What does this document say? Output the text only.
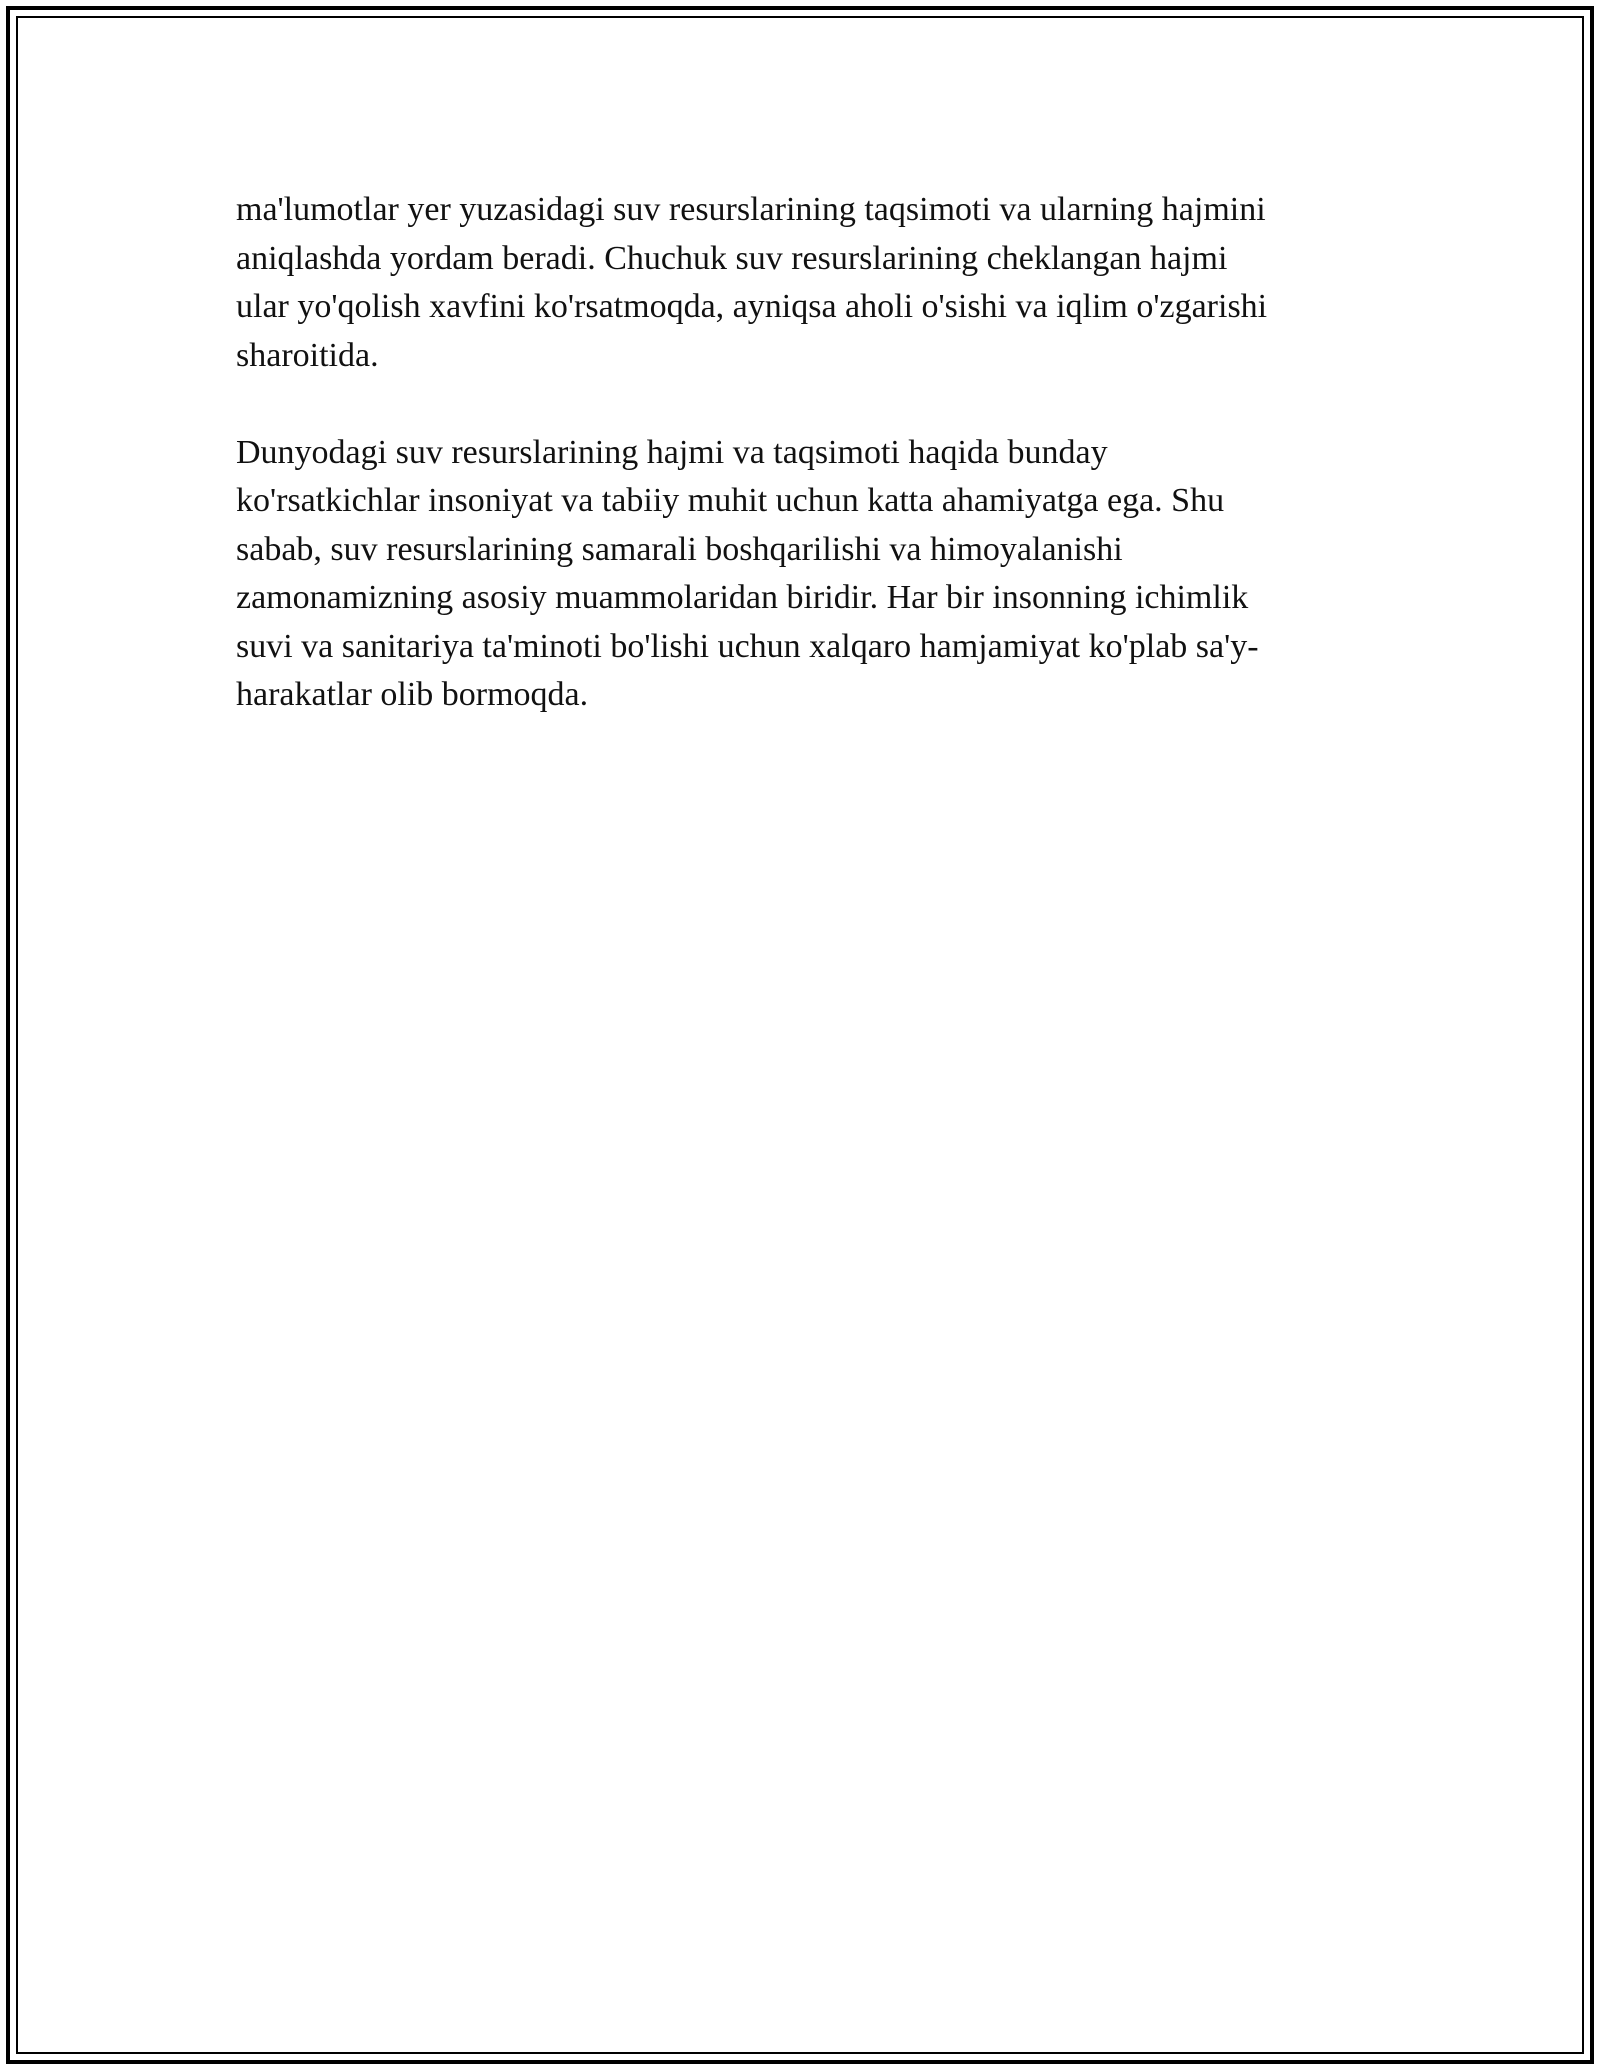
ma'lumotlar yer yuzasidagi suv resurslarining taqsimoti va ularning hajmini
aniqlashda yordam beradi. Chuchuk suv resurslarining cheklangan hajmi
ular yo'qolish xavfini ko'rsatmoqda, ayniqsa aholi o'sishi va iqlim o'zgarishi
sharoitida.

Dunyodagi suv resurslarining hajmi va taqsimoti haqida bunday
ko'rsatkichlar insoniyat va tabiiy muhit uchun katta ahamiyatga ega. Shu
sabab, suv resurslarining samarali boshqarilishi va himoyalanishi
zamonamizning asosiy muammolaridan biridir. Har bir insonning ichimlik
suvi va sanitariya ta'minoti bo'lishi uchun xalqaro hamjamiyat ko'plab sa'y-
harakatlar olib bormoqda.
